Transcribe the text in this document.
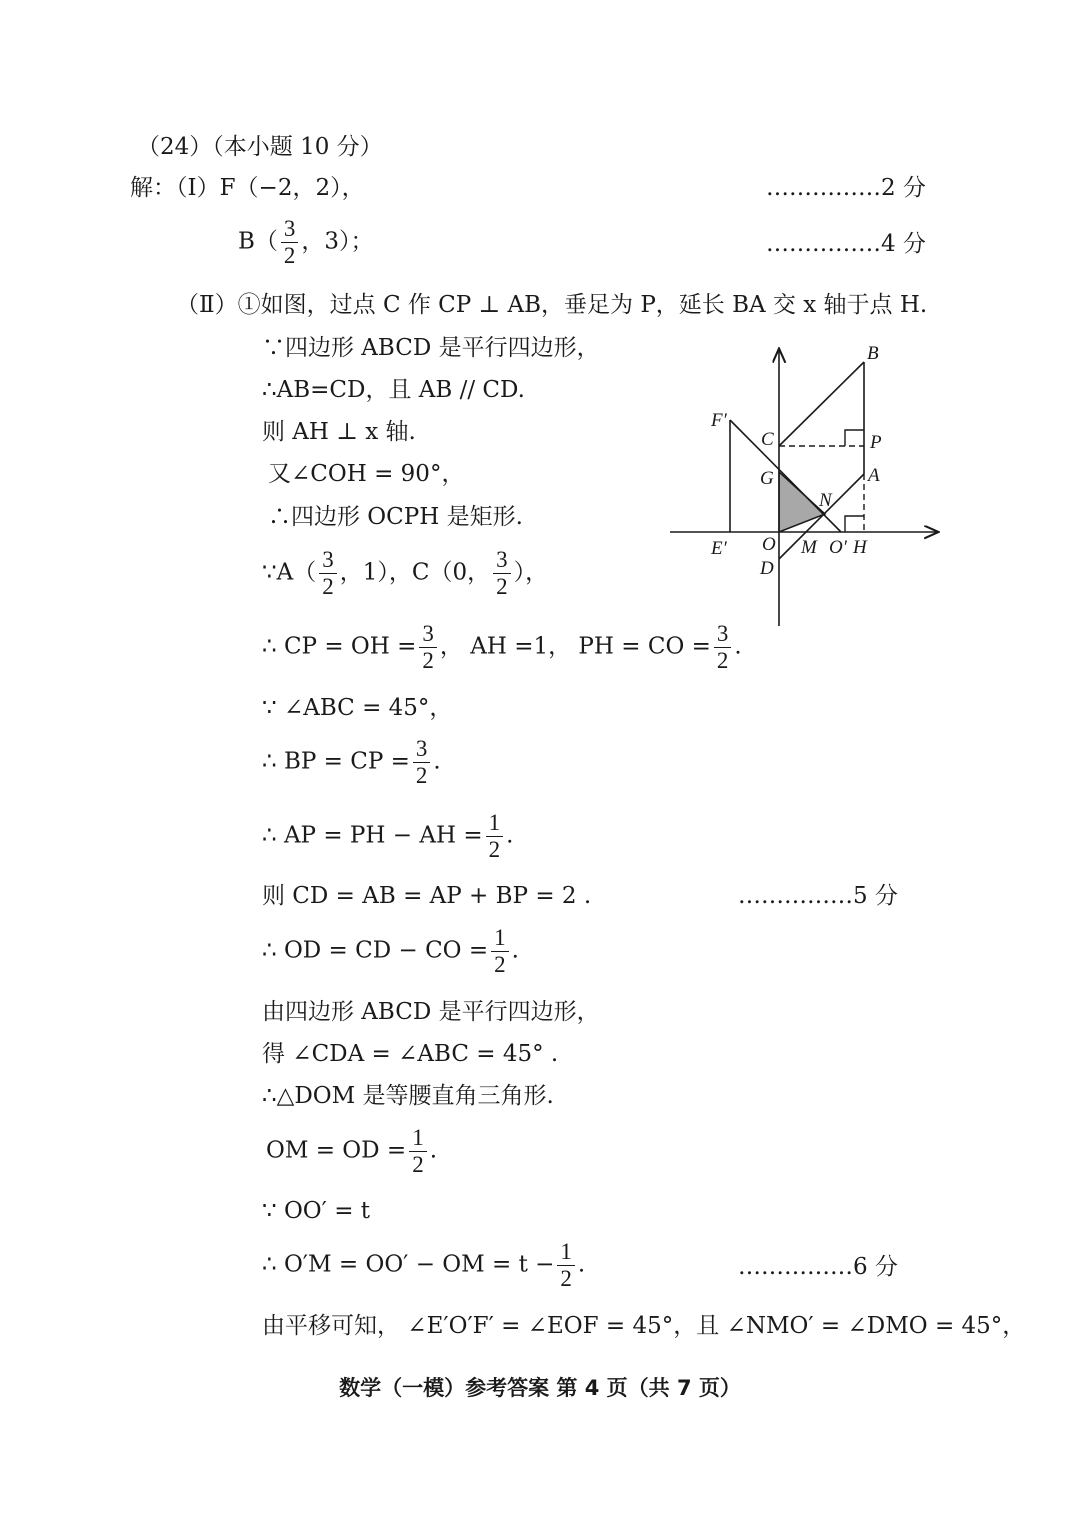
（24）（本小题 10 分）
解：（Ⅰ）F（−2，2），	……………2 分
$B( \frac{3}{2}$ ，3）；	……………4 分
（Ⅱ）①如图，过点 C 作 CP ⊥ AB，垂足为 P，延长 BA 交 x 轴于点 H.
∵四边形 ABCD 是平行四边形，
∴AB=CD，且 AB // CD.
则 AH ⊥ x 轴.
又∠COH = 90°，
∴四边形 OCPH 是矩形.
∵A（ $\frac{3}{2}$ ，1），C（0， $\frac{3}{2}$ ），
∴ CP = OH = $\frac{3}{2}$ ， AH =1， PH = CO = $\frac{3}{2}$ .
∵ ∠ABC = 45°，
∴ BP = CP = $\frac{3}{2}$ .
∴ AP = PH − AH = $\frac{1}{2}$ .
则 CD = AB = AP + BP = 2 .	……………5 分
∴ OD = CD − CO = $\frac{1}{2}$ .
由四边形 ABCD 是平行四边形，
得 ∠CDA = ∠ABC = 45° .
∴△DOM 是等腰直角三角形.
OM = OD = $\frac{1}{2}$ .
∵ OO′ = t
∴ O′M = OO′ − OM = $t - \frac{1}{2}$ .	……………6 分
由平移可知， ∠E′O′F′ = ∠EOF = 45°，且 ∠NMO′ = ∠DMO = 45°，
B
F′
C	P
G	A
N
E′ O M O′ H
D
数学（一模）参考答案 第 4 页（共 7 页）
